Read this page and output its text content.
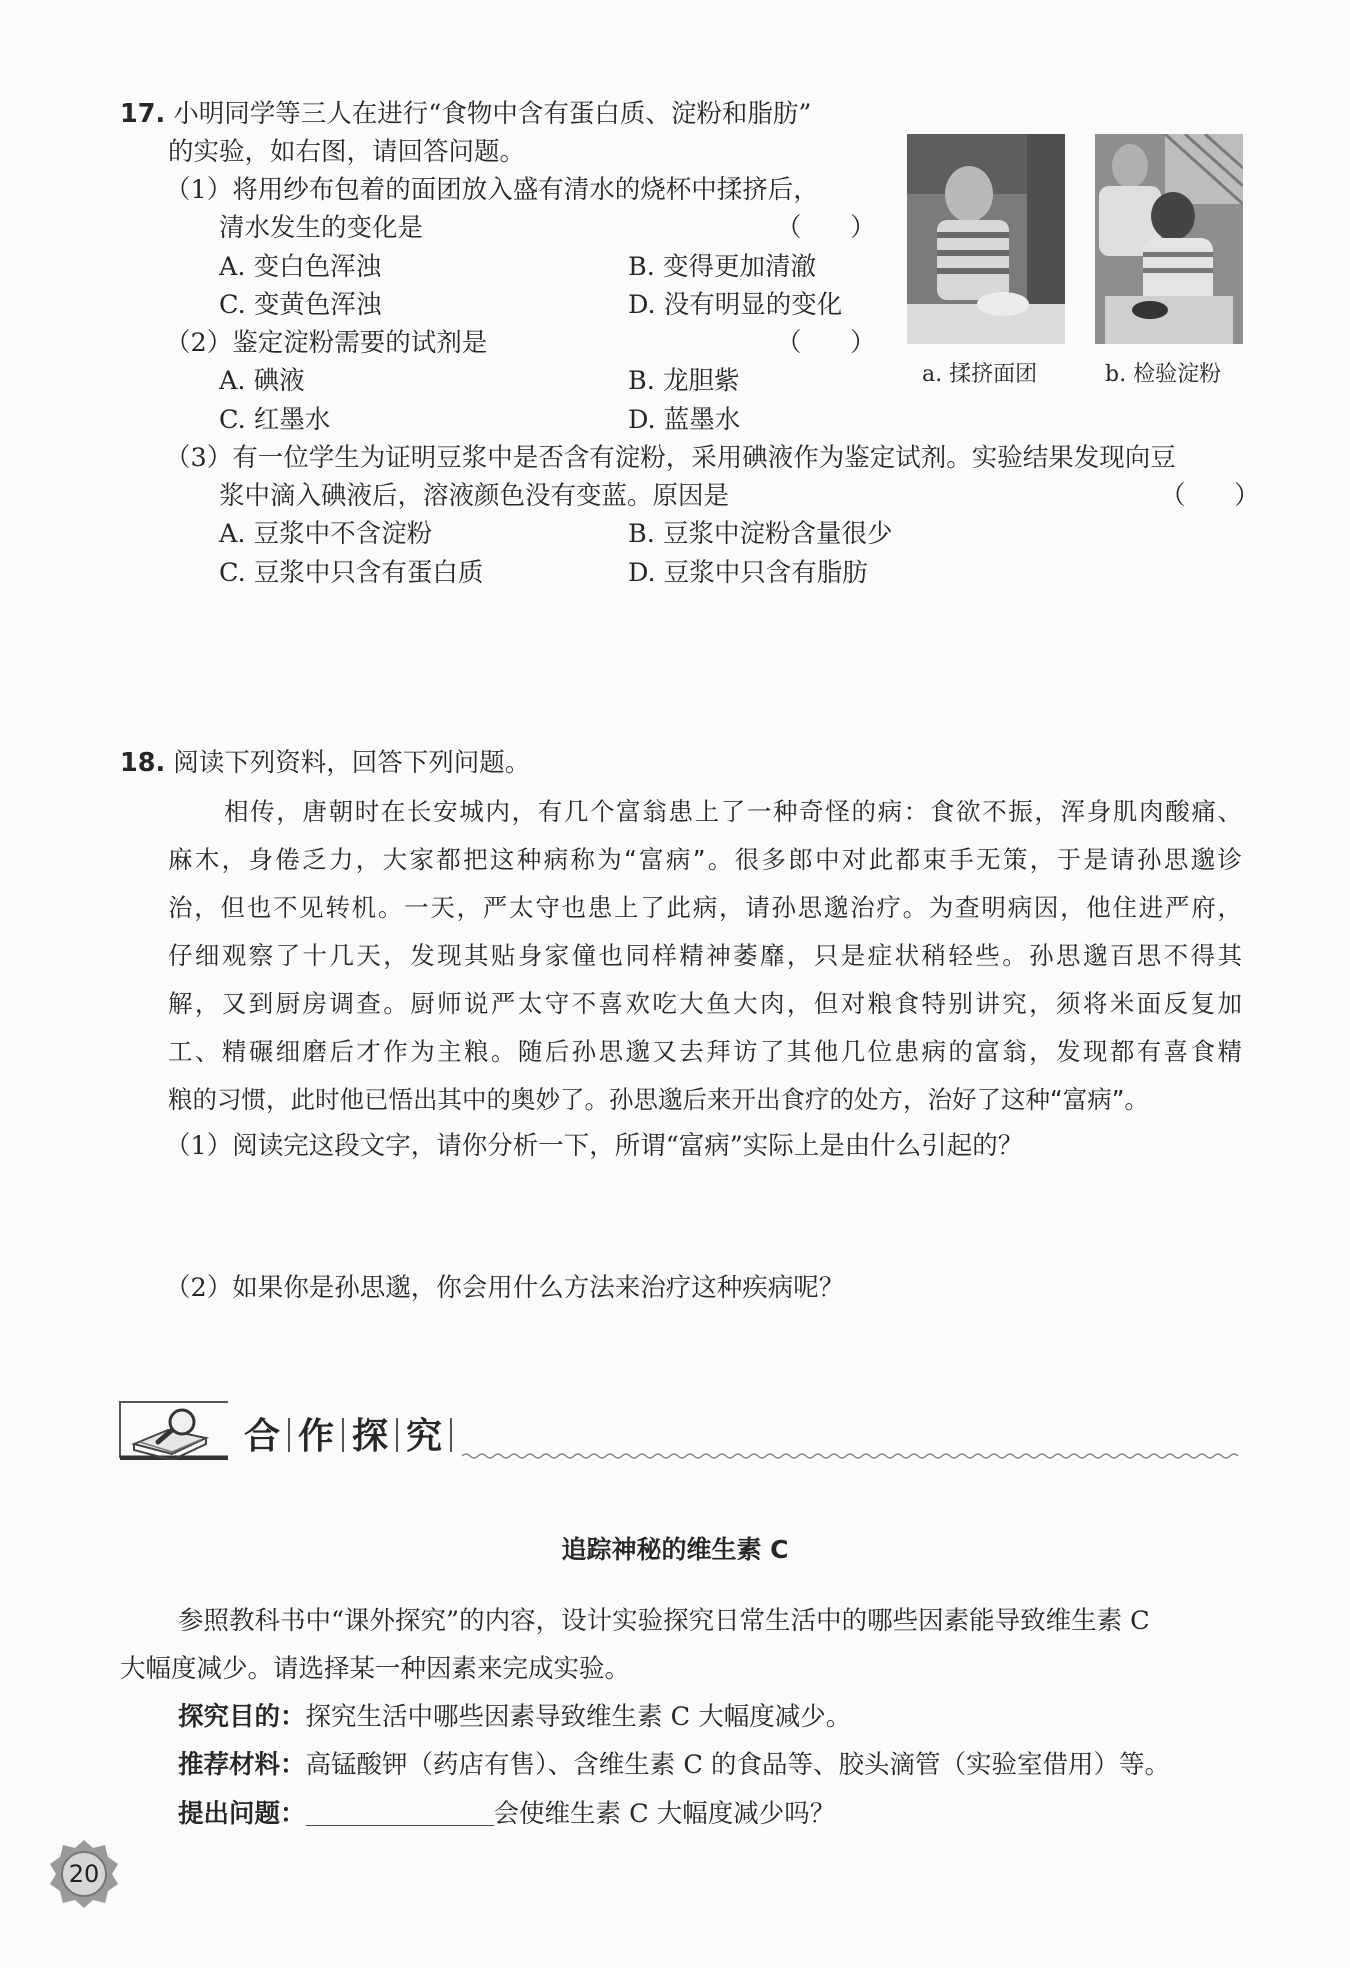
17. 小明同学等三人在进行“食物中含有蛋白质、淀粉和脂肪”
的实验，如右图，请回答问题。
（1）将用纱布包着的面团放入盛有清水的烧杯中揉挤后，
清水发生的变化是	（      ）
A. 变白色浑浊	B. 变得更加清澈
C. 变黄色浑浊	D. 没有明显的变化
（2）鉴定淀粉需要的试剂是	（      ）
A. 碘液	B. 龙胆紫
C. 红墨水	D. 蓝墨水
（3）有一位学生为证明豆浆中是否含有淀粉，采用碘液作为鉴定试剂。实验结果发现向豆
浆中滴入碘液后，溶液颜色没有变蓝。原因是	（      ）
A. 豆浆中不含淀粉	B. 豆浆中淀粉含量很少
C. 豆浆中只含有蛋白质	D. 豆浆中只含有脂肪
a. 揉挤面团	b. 检验淀粉
18. 阅读下列资料，回答下列问题。
相传，唐朝时在长安城内，有几个富翁患上了一种奇怪的病：食欲不振，浑身肌肉酸痛、
麻木，身倦乏力，大家都把这种病称为“富病”。很多郎中对此都束手无策，于是请孙思邈诊
治，但也不见转机。一天，严太守也患上了此病，请孙思邈治疗。为查明病因，他住进严府，
仔细观察了十几天，发现其贴身家僮也同样精神萎靡，只是症状稍轻些。孙思邈百思不得其
解，又到厨房调查。厨师说严太守不喜欢吃大鱼大肉，但对粮食特别讲究，须将米面反复加
工、精碾细磨后才作为主粮。随后孙思邈又去拜访了其他几位患病的富翁，发现都有喜食精
粮的习惯，此时他已悟出其中的奥妙了。孙思邈后来开出食疗的处方，治好了这种“富病”。
（1）阅读完这段文字，请你分析一下，所谓“富病”实际上是由什么引起的？
（2）如果你是孙思邈，你会用什么方法来治疗这种疾病呢？
合 作 探 究
追踪神秘的维生素 C
参照教科书中“课外探究”的内容，设计实验探究日常生活中的哪些因素能导致维生素 C
大幅度减少。请选择某一种因素来完成实验。
探究目的：探究生活中哪些因素导致维生素 C 大幅度减少。
推荐材料：高锰酸钾（药店有售）、含维生素 C 的食品等、胶头滴管（实验室借用）等。
提出问题：	会使维生素 C 大幅度减少吗？
20
